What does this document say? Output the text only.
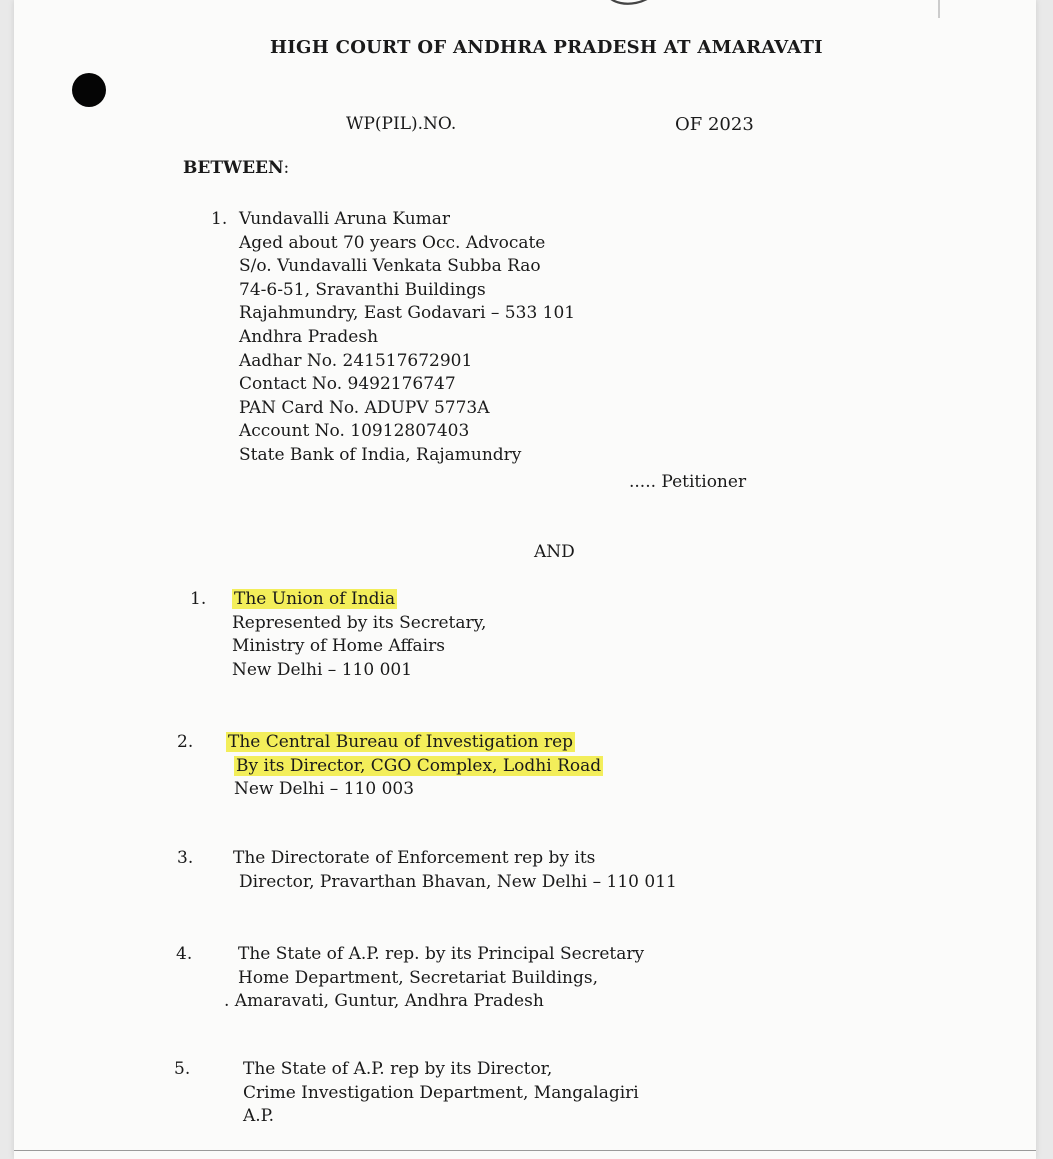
HIGH COURT OF ANDHRA PRADESH AT AMARAVATI
WP(PIL).NO.	OF 2023
BETWEEN:
1. Vundavalli Aruna Kumar
Aged about 70 years Occ. Advocate
S/o. Vundavalli Venkata Subba Rao
74-6-51, Sravanthi Buildings
Rajahmundry, East Godavari – 533 101
Andhra Pradesh
Aadhar No. 241517672901
Contact No. 9492176747
PAN Card No. ADUPV 5773A
Account No. 10912807403
State Bank of India, Rajamundry
..... Petitioner
AND
1. The Union of India
Represented by its Secretary,
Ministry of Home Affairs
New Delhi – 110 001
2. The Central Bureau of Investigation rep
By its Director, CGO Complex, Lodhi Road
New Delhi – 110 003
3. The Directorate of Enforcement rep by its
Director, Pravarthan Bhavan, New Delhi – 110 011
4.	The State of A.P. rep. by its Principal Secretary
Home Department, Secretariat Buildings,
. Amaravati, Guntur, Andhra Pradesh
5.	The State of A.P. rep by its Director,
Crime Investigation Department, Mangalagiri
A.P.
